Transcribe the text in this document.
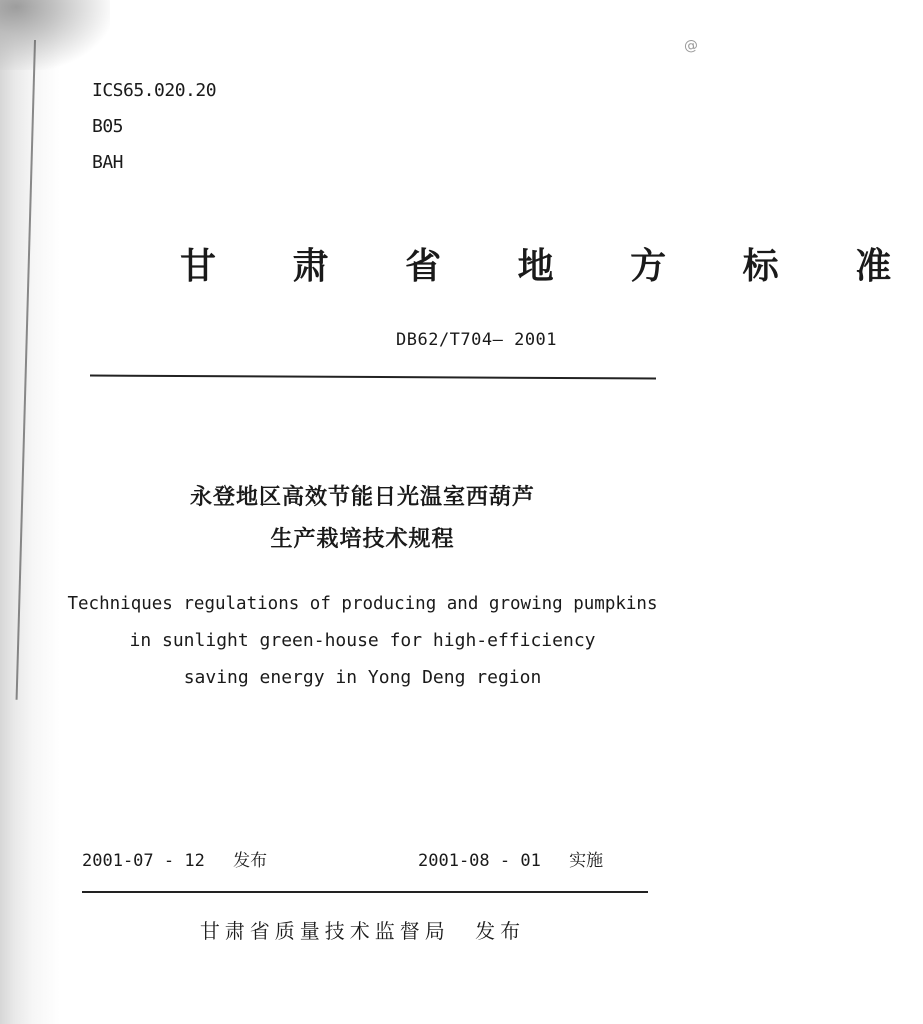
@
ICS65.020.20
B05
BAH
甘 肃 省 地 方 标 准
DB62/T704— 2001
永登地区高效节能日光温室西葫芦
生产栽培技术规程
Techniques regulations of producing and growing pumpkins
in sunlight green-house for high-efficiency
saving energy in Yong Deng region
2001-07 - 12 发布	2001-08 - 01 实施
甘肃省质量技术监督局 发布
